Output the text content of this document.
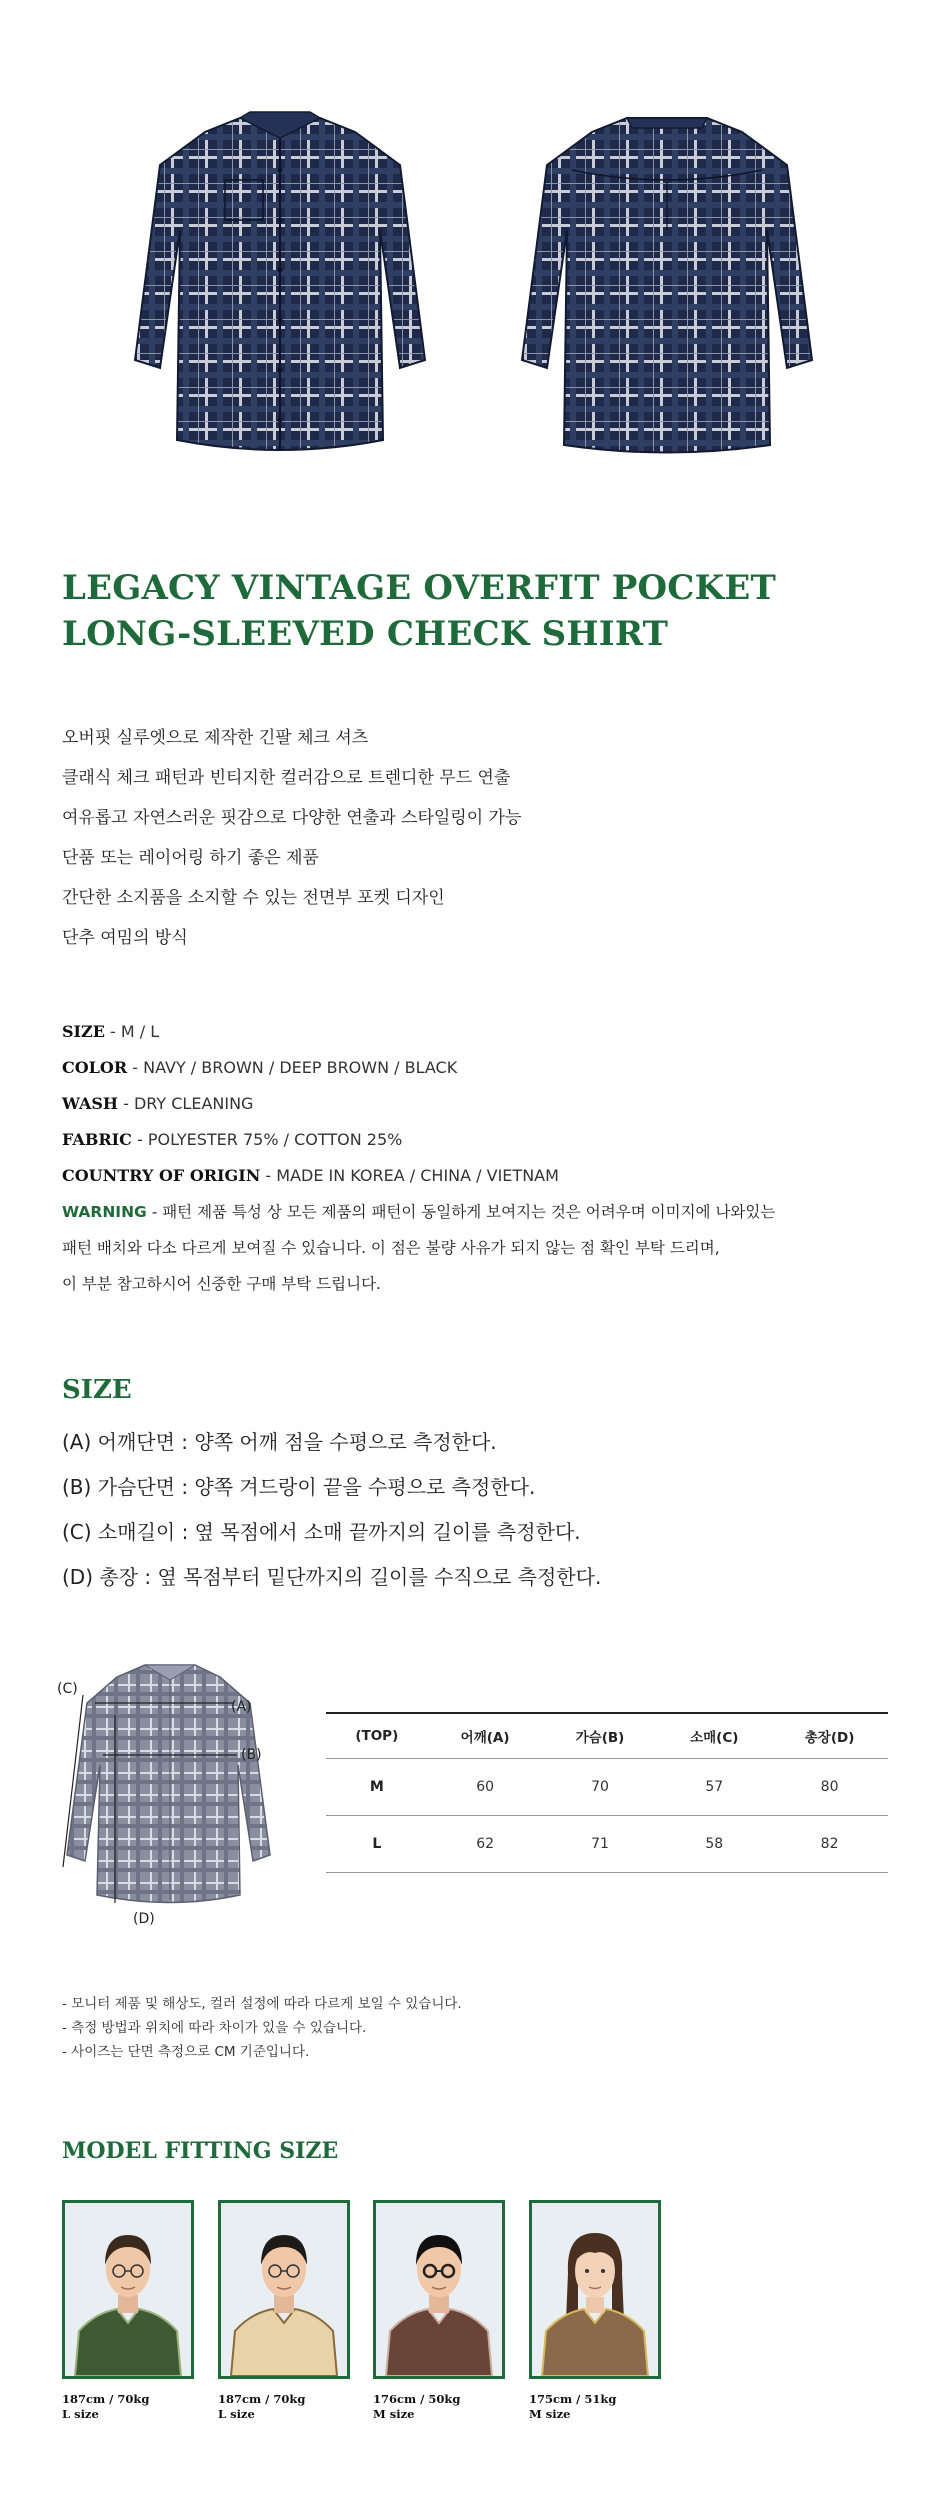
LEGACY VINTAGE OVERFIT POCKET
LONG-SLEEVED CHECK SHIRT
오버핏 실루엣으로 제작한 긴팔 체크 셔츠
클래식 체크 패턴과 빈티지한 컬러감으로 트렌디한 무드 연출
여유롭고 자연스러운 핏감으로 다양한 연출과 스타일링이 가능
단품 또는 레이어링 하기 좋은 제품
간단한 소지품을 소지할 수 있는 전면부 포켓 디자인
단추 여밈의 방식
SIZE - M / L
COLOR - NAVY / BROWN / DEEP BROWN / BLACK
WASH - DRY CLEANING
FABRIC - POLYESTER 75% / COTTON 25%
COUNTRY OF ORIGIN - MADE IN KOREA / CHINA / VIETNAM
WARNING - 패턴 제품 특성 상 모든 제품의 패턴이 동일하게 보여지는 것은 어려우며 이미지에 나와있는
패턴 배치와 다소 다르게 보여질 수 있습니다. 이 점은 불량 사유가 되지 않는 점 확인 부탁 드리며,
이 부분 참고하시어 신중한 구매 부탁 드립니다.
SIZE
(A) 어깨단면 : 양쪽 어깨 점을 수평으로 측정한다.
(B) 가슴단면 : 양쪽 겨드랑이 끝을 수평으로 측정한다.
(C) 소매길이 : 옆 목점에서 소매 끝까지의 길이를 측정한다.
(D) 총장 : 옆 목점부터 밑단까지의 길이를 수직으로 측정한다.
(A)
(B)
(C)
(D)
(TOP)	어깨(A)	가슴(B)	소매(C)	총장(D)
M	60	70	57	80
L	62	71	58	82
- 모니터 제품 및 해상도, 컬러 설정에 따라 다르게 보일 수 있습니다.
- 측정 방법과 위치에 따라 차이가 있을 수 있습니다.
- 사이즈는 단면 측정으로 CM 기준입니다.
MODEL FITTING SIZE
187cm / 70kg
L size
187cm / 70kg
L size
176cm / 50kg
M size
175cm / 51kg
M size
